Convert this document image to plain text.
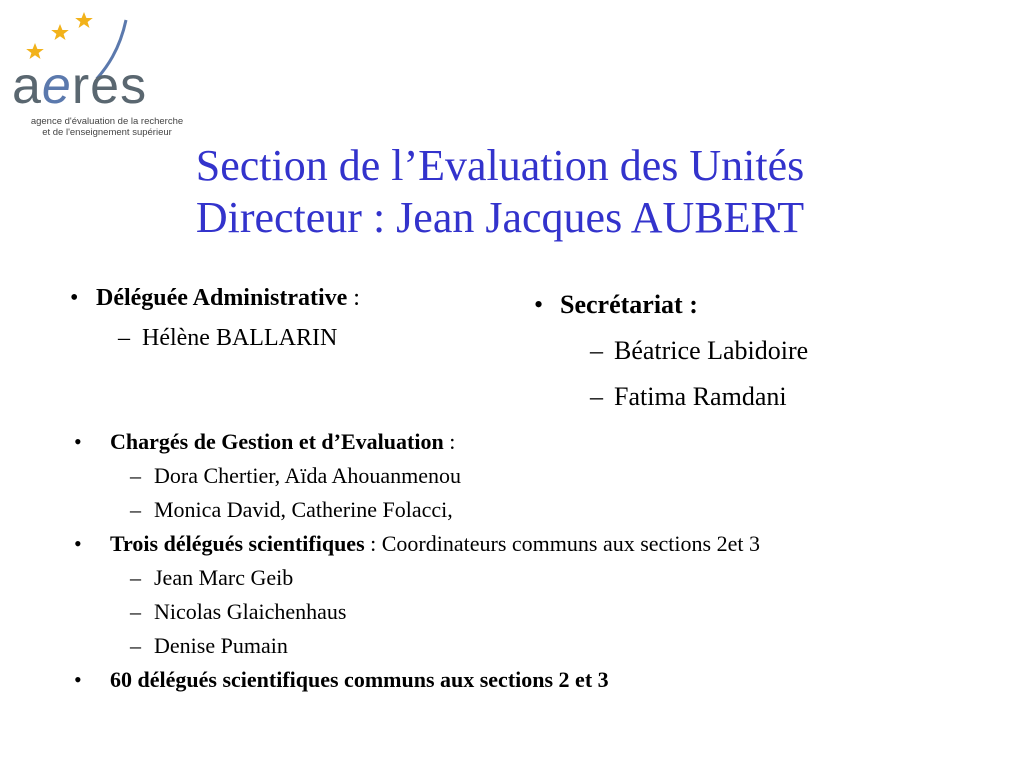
aeres
agence d'évaluation de la recherche
et de l'enseignement supérieur
Section de l’Evaluation des Unités
Directeur : Jean Jacques AUBERT
• Déléguée Administrative :
– Hélène BALLARIN
• Secrétariat :
– Béatrice Labidoire
– Fatima Ramdani
•	Chargés de Gestion et d’Evaluation :
– Dora Chertier, Aïda Ahouanmenou
– Monica David, Catherine Folacci,
•	Trois délégués scientifiques : Coordinateurs communs aux sections 2et 3
– Jean Marc Geib
– Nicolas Glaichenhaus
– Denise Pumain
•	60 délégués scientifiques communs aux sections 2 et 3
